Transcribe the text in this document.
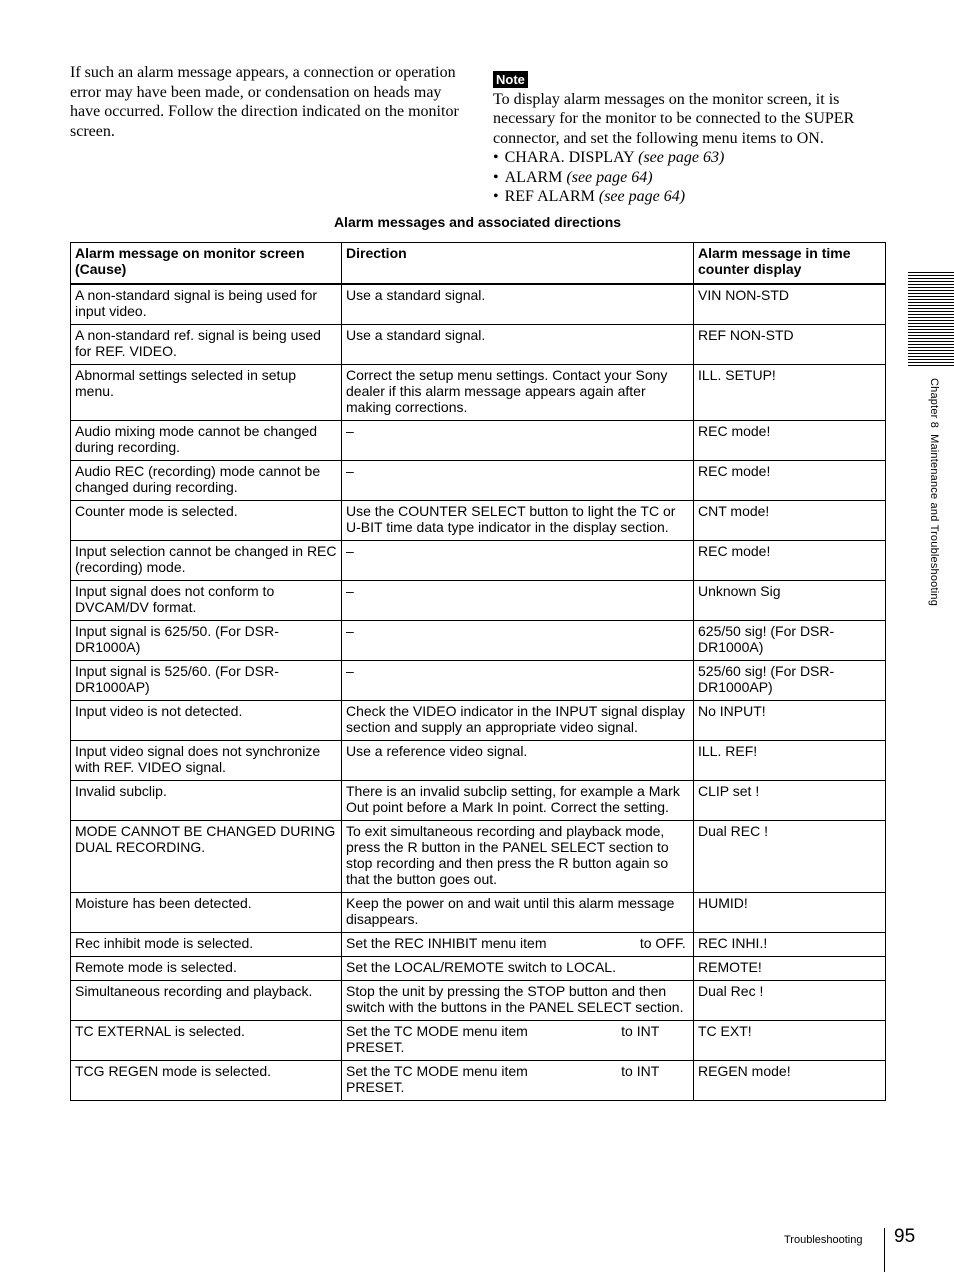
If such an alarm message appears, a connection or operation error may have been made, or condensation on heads may have occurred. Follow the direction indicated on the monitor screen.

Note

To display alarm messages on the monitor screen, it is necessary for the monitor to be connected to the SUPER connector, and set the following menu items to ON.

• CHARA. DISPLAY (see page 63)
• ALARM (see page 64)
• REF ALARM (see page 64)
Alarm messages and associated directions
Alarm message on monitor screen (Cause)	Direction	Alarm message in time counter display
A non-standard signal is being used for input video.	Use a standard signal.	VIN NON-STD
A non-standard ref. signal is being used for REF. VIDEO.	Use a standard signal.	REF NON-STD
Abnormal settings selected in setup menu.	Correct the setup menu settings. Contact your Sony dealer if this alarm message appears again after making corrections.	ILL. SETUP!
Audio mixing mode cannot be changed during recording.	–	REC mode!
Audio REC (recording) mode cannot be changed during recording.	–	REC mode!
Counter mode is selected.	Use the COUNTER SELECT button to light the TC or U-BIT time data type indicator in the display section.	CNT mode!
Input selection cannot be changed in REC (recording) mode.	–	REC mode!
Input signal does not conform to DVCAM/DV format.	–	Unknown Sig
Input signal is 625/50. (For DSR-DR1000A)	–	625/50 sig! (For DSR-DR1000A)
Input signal is 525/60. (For DSR-DR1000AP)	–	525/60 sig! (For DSR-DR1000AP)
Input video is not detected.	Check the VIDEO indicator in the INPUT signal display section and supply an appropriate video signal.	No INPUT!
Input video signal does not synchronize with REF. VIDEO signal.	Use a reference video signal.	ILL. REF!
Invalid subclip.	There is an invalid subclip setting, for example a Mark Out point before a Mark In point. Correct the setting.	CLIP set !
MODE CANNOT BE CHANGED DURING DUAL RECORDING.	To exit simultaneous recording and playback mode, press the R button in the PANEL SELECT section to stop recording and then press the R button again so that the button goes out.	Dual REC !
Moisture has been detected.	Keep the power on and wait until this alarm message disappears.	HUMID!
Rec inhibit mode is selected.	Set the REC INHIBIT menu item                        to OFF.	REC INHI.!
Remote mode is selected.	Set the LOCAL/REMOTE switch to LOCAL.	REMOTE!
Simultaneous recording and playback.	Stop the unit by pressing the STOP button and then switch with the buttons in the PANEL SELECT section.	Dual Rec !
TC EXTERNAL is selected.	Set the TC MODE menu item                        to INT PRESET.	TC EXT!
TCG REGEN mode is selected.	Set the TC MODE menu item                        to INT PRESET.	REGEN mode!
Chapter 8Maintenance and Troubleshooting
Troubleshooting 95
